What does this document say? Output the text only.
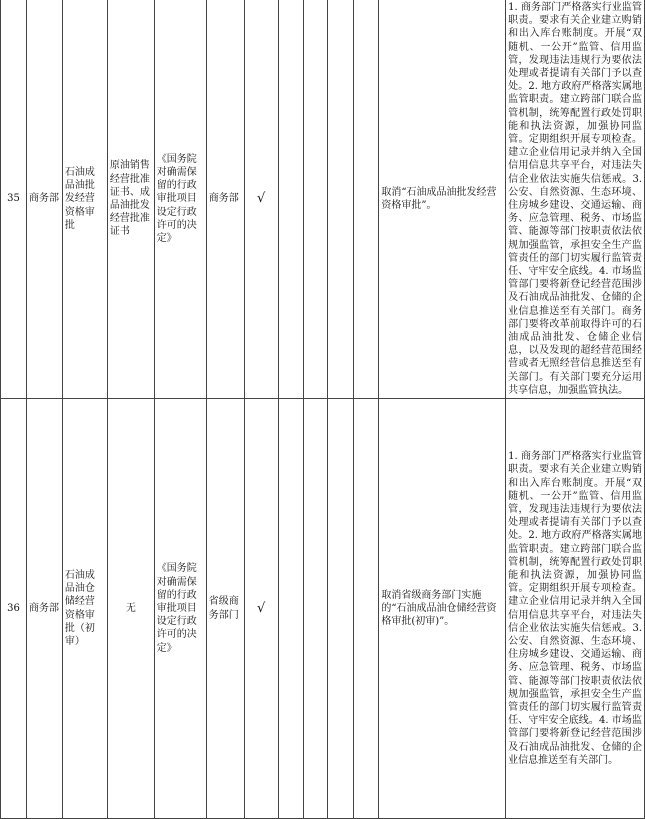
35	商务部	石油成品油批发经营资格审批	原油销售经营批准证书、成品油批发经营批准证书	《国务院对确需保留的行政审批项目设定行政许可的决定》	商务部	√					取消“石油成品油批发经营资格审批”。	1. 商务部门严格落实行业监管职责。要求有关企业建立购销和出入库台账制度。开展“双随机、一公开”监管、信用监管，发现违法违规行为要依法处理或者提请有关部门予以查处。2. 地方政府严格落实属地监管职责。建立跨部门联合监管机制，统筹配置行政处罚职能和执法资源，加强协同监管。定期组织开展专项检查。建立企业信用记录并纳入全国信用信息共享平台，对违法失信企业依法实施失信惩戒。3. 公安、自然资源、生态环境、住房城乡建设、交通运输、商务、应急管理、税务、市场监管、能源等部门按职责依法依规加强监管，承担安全生产监管责任的部门切实履行监管责任、守牢安全底线。4. 市场监管部门要将新登记经营范围涉及石油成品油批发、仓储的企业信息推送至有关部门。商务部门要将改革前取得许可的石油成品油批发、仓储企业信息，以及发现的超经营范围经营或者无照经营信息推送至有关部门。有关部门要充分运用共享信息，加强监管执法。
36	商务部	石油成品油仓储经营资格审批（初审）	无	《国务院对确需保留的行政审批项目设定行政许可的决定》	省级商务部门	√					取消省级商务部门实施的“石油成品油仓储经营资格审批(初审)”。	1. 商务部门严格落实行业监管职责。要求有关企业建立购销和出入库台账制度。开展“双随机、一公开”监管、信用监管，发现违法违规行为要依法处理或者提请有关部门予以查处。2. 地方政府严格落实属地监管职责。建立跨部门联合监管机制，统筹配置行政处罚职能和执法资源，加强协同监管。定期组织开展专项检查。建立企业信用记录并纳入全国信用信息共享平台，对违法失信企业依法实施失信惩戒。3. 公安、自然资源、生态环境、住房城乡建设、交通运输、商务、应急管理、税务、市场监管、能源等部门按职责依法依规加强监管，承担安全生产监管责任的部门切实履行监管责任、守牢安全底线。4. 市场监管部门要将新登记经营范围涉及石油成品油批发、仓储的企业信息推送至有关部门。
